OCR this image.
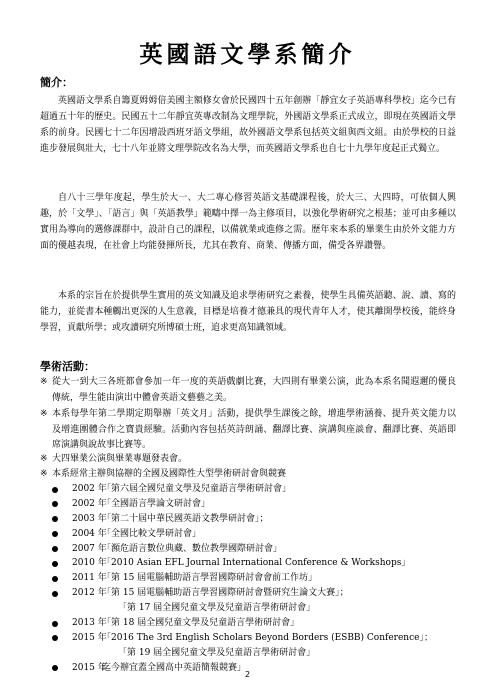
英國語文學系簡介
簡介：

英國語文學系自籌夏姆姆倍美國主額修女會於民國四十五年創辦「靜宜女子英語專科學校」迄今已有超過五十年的歷史。民國五十二年靜宜英專改制為文理學院，外國語文學系正式成立，即現在英國語文學系的前身。民國七十二年因增設西班牙語文學組，故外國語文學系包括英文組與西文組。由於學校的日益進步發展與壯大，七十八年並將文理學院改名為大學，而英國語文學系也自七十九學年度起正式獨立。

自八十三學年度起，學生於大一、大二專心修習英語文基礎課程後，於大三、大四時，可依個人興趣，於「文學」、「語言」與「英語教學」範疇中擇一為主修項目，以強化學術研究之根基；並可由多種以實用為導向的選修課群中，設計自己的課程，以備就業或進修之需。歷年來本系的畢業生由於外文能力方面的優越表現，在社會上均能發揮所長，尤其在教育、商業、傳播方面，備受各界讚譽。

本系的宗旨在於提供學生實用的英文知識及追求學術研究之素養，使學生具備英語聽、說、讀、寫的能力，並從書本種觸出更深的人生意義，目標是培養才德兼具的現代青年人才，使其離開學校後，能終身學習，貢獻所學；或攻讀研究所博碩士班，追求更高知識領域。

學術活動：
※ 從大一到大三各班都會參加一年一度的英語戲劇比賽，大四則有畢業公演，此為本系名聞遐邇的優良傳統，學生能由演出中體會英語文藝藝之美。
※ 本系每學年第二學期定期舉辦「英文月」活動，提供學生課後之餘，增進學術涵養、提升英文能力以及增進團體合作之寶貴經驗。活動內容包括英詩朗誦、翻譯比賽、演講與座談會、翻譯比賽、英語即席演講與說故事比賽等。
※ 大四畢業公演與畢業專題發表會。
※ 本系經常主辦與協辦的全國及國際性大型學術研討會與競賽
2002 年
「第六屆全國兒童文學及兒童語言學術研討會」
2002 年
「全國語言學論文研討會」
2003 年
「第二十屆中華民國英語文教學研討會」；
2004 年
「全國比較文學研討會」
2007 年
「瀕危語言數位典藏、數位教學國際研討會」
2010 年
「2010 Asian EFL Journal International Conference & Workshops」
2011 年
「第 15 屆電腦輔助語言學習國際研討會會前工作坊」
2012 年
「第 15 屆電腦輔助語言學習國際研討會暨研究生論文大賽」；
「第 17 屆全國兒童文學及兒童語言學術研討會」
2013 年
「第 18 屆全國兒童文學及兒童語言學術研討會」
2015 年
「2016 The 3rd English Scholars Beyond Borders (ESBB) Conference」；
「第 19 屆全國兒童文學及兒童語言學術研討會」
2015 年
迄今辦宜蓋全國高中英語簡報競賽」
2
